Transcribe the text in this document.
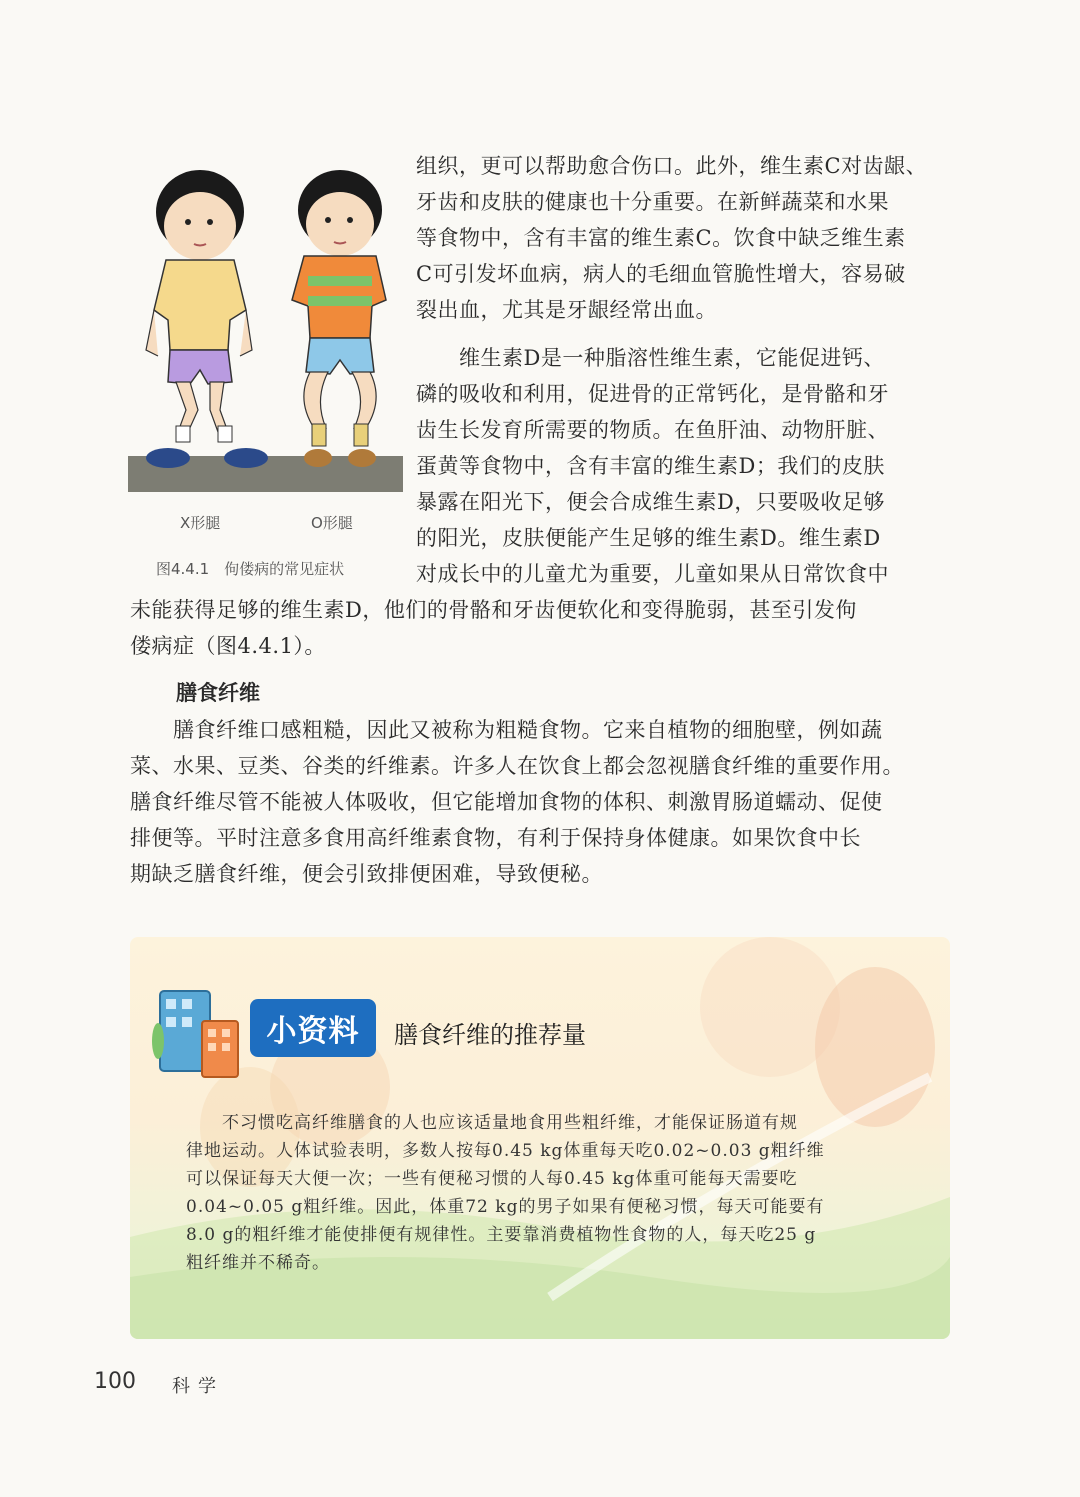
X形腿	O形腿
图4.4.1　佝偻病的常见症状
组织，更可以帮助愈合伤口。此外，维生素C对齿龈、
牙齿和皮肤的健康也十分重要。在新鲜蔬菜和水果
等食物中，含有丰富的维生素C。饮食中缺乏维生素
C可引发坏血病，病人的毛细血管脆性增大，容易破
裂出血，尤其是牙龈经常出血。
　　维生素D是一种脂溶性维生素，它能促进钙、
磷的吸收和利用，促进骨的正常钙化，是骨骼和牙
齿生长发育所需要的物质。在鱼肝油、动物肝脏、
蛋黄等食物中，含有丰富的维生素D；我们的皮肤
暴露在阳光下，便会合成维生素D，只要吸收足够
的阳光，皮肤便能产生足够的维生素D。维生素D
对成长中的儿童尤为重要，儿童如果从日常饮食中
未能获得足够的维生素D，他们的骨骼和牙齿便软化和变得脆弱，甚至引发佝
偻病症（图4.4.1）。
膳食纤维
　　膳食纤维口感粗糙，因此又被称为粗糙食物。它来自植物的细胞壁，例如蔬
菜、水果、豆类、谷类的纤维素。许多人在饮食上都会忽视膳食纤维的重要作用。
膳食纤维尽管不能被人体吸收，但它能增加食物的体积、刺激胃肠道蠕动、促使
排便等。平时注意多食用高纤维素食物，有利于保持身体健康。如果饮食中长
期缺乏膳食纤维，便会引致排便困难，导致便秘。
小资料	膳食纤维的推荐量
　　不习惯吃高纤维膳食的人也应该适量地食用些粗纤维，才能保证肠道有规
律地运动。人体试验表明，多数人按每0.45 kg体重每天吃0.02~0.03 g粗纤维
可以保证每天大便一次；一些有便秘习惯的人每0.45 kg体重可能每天需要吃
0.04~0.05 g粗纤维。因此，体重72 kg的男子如果有便秘习惯，每天可能要有
8.0 g的粗纤维才能使排便有规律性。主要靠消费植物性食物的人，每天吃25 g
粗纤维并不稀奇。
100 科学
